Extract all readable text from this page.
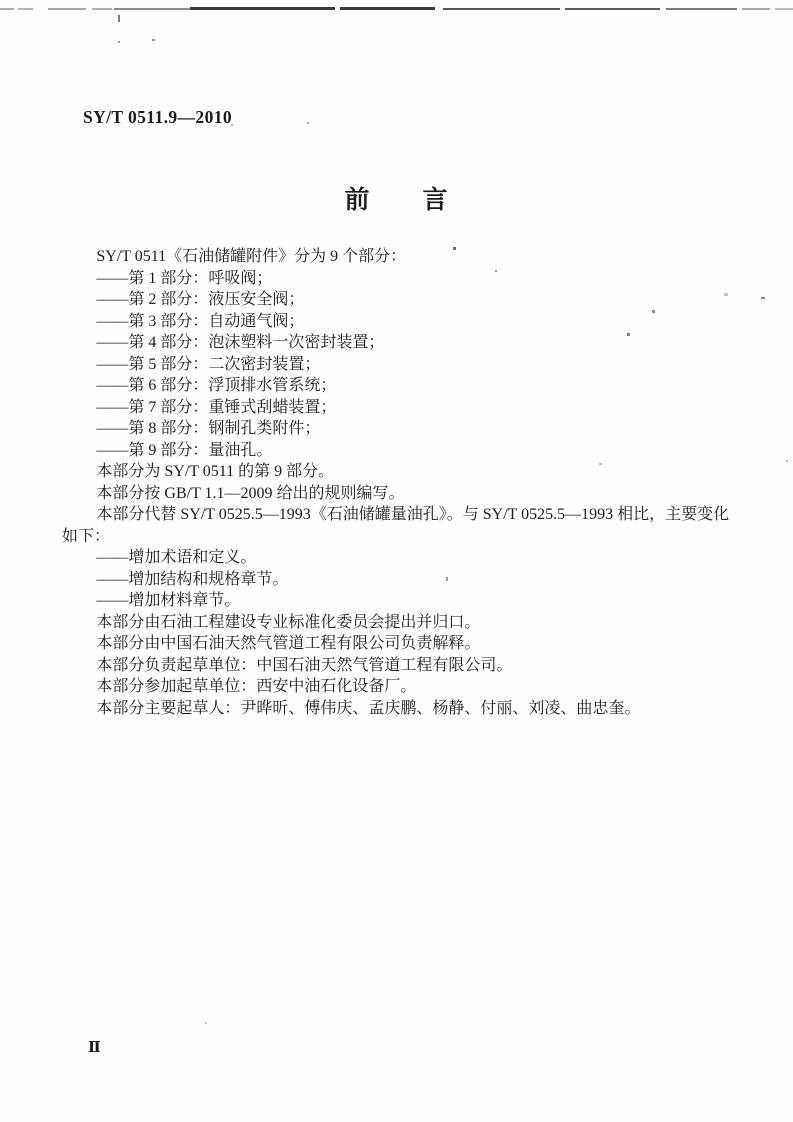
SY/T 0511.9—2010
前　　言

SY/T 0511《石油储罐附件》分为 9 个部分：

——第 1 部分：呼吸阀；

——第 2 部分：液压安全阀；

——第 3 部分：自动通气阀；

——第 4 部分：泡沫塑料一次密封装置；

——第 5 部分：二次密封装置；

——第 6 部分：浮顶排水管系统；

——第 7 部分：重锤式刮蜡装置；

——第 8 部分：钢制孔类附件；

——第 9 部分：量油孔。

本部分为 SY/T 0511 的第 9 部分。

本部分按 GB/T 1.1—2009 给出的规则编写。

本部分代替 SY/T 0525.5—1993《石油储罐量油孔》。与 SY/T 0525.5—1993 相比，主要变化

如下：

——增加术语和定义。

——增加结构和规格章节。

——增加材料章节。

本部分由石油工程建设专业标准化委员会提出并归口。

本部分由中国石油天然气管道工程有限公司负责解释。

本部分负责起草单位：中国石油天然气管道工程有限公司。

本部分参加起草单位：西安中油石化设备厂。

本部分主要起草人：尹晔昕、傅伟庆、孟庆鹏、杨静、付丽、刘凌、曲忠奎。

Ⅱ
